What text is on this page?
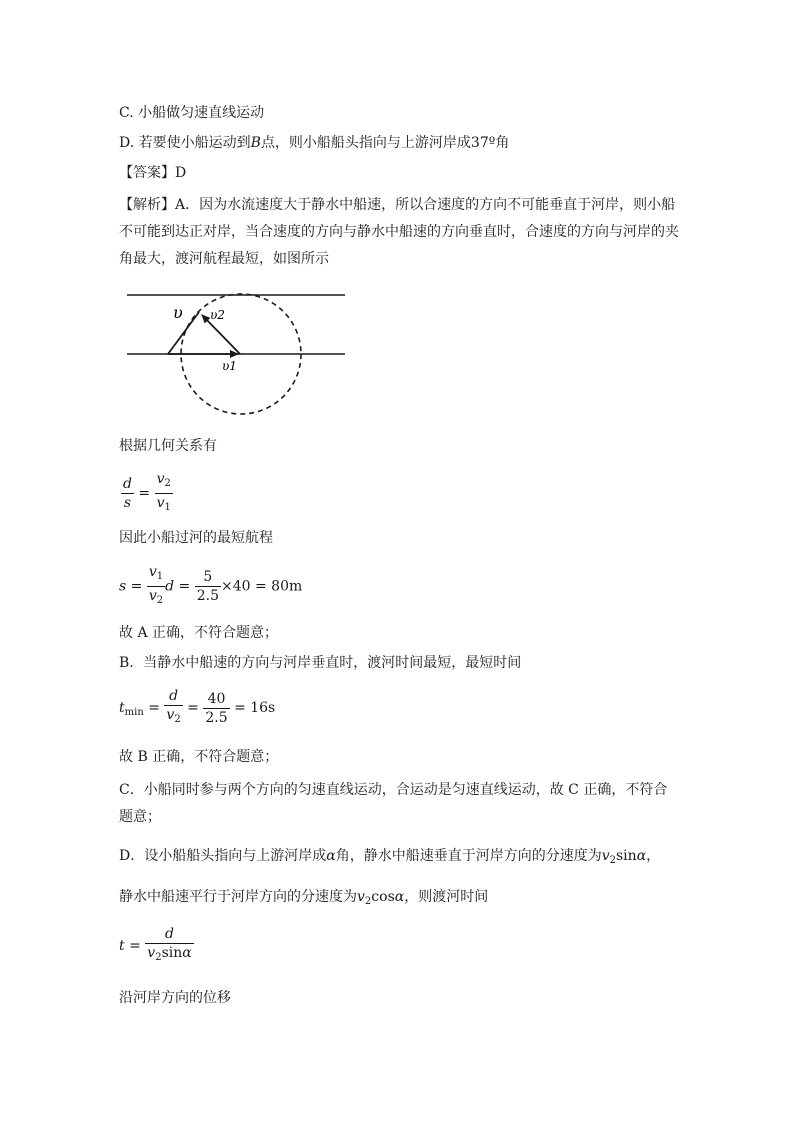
C. 小船做匀速直线运动
D. 若要使小船运动到B点，则小船船头指向与上游河岸成37º角
【答案】D
【解析】A．因为水流速度大于静水中船速，所以合速度的方向不可能垂直于河岸，则小船不可能到达正对岸，当合速度的方向与静水中船速的方向垂直时，合速度的方向与河岸的夹角最大，渡河航程最短，如图所示
υ υ2
υ1
根据几何关系有
$\frac{d}{s} = \frac{v_2}{v_1}$
因此小船过河的最短航程
$s = \frac{v_1}{v_2}$ $d = \frac{5}{2.5} \times 40 = 80m$
故 A 正确，不符合题意；
B．当静水中船速的方向与河岸垂直时，渡河时间最短，最短时间
$t_{min} = \frac{d}{v_2} = \frac{40}{2.5} = 16s$
故 B 正确，不符合题意；
C．小船同时参与两个方向的匀速直线运动，合运动是匀速直线运动，故 C 正确，不符合题意；
D．设小船船头指向与上游河岸成α角，静水中船速垂直于河岸方向的分速度为$v_2\sin\alpha$，
静水中船速平行于河岸方向的分速度为$v_2\cos\alpha$，则渡河时间
$t = \frac{d}{v_2\sin\alpha}$
沿河岸方向的位移
